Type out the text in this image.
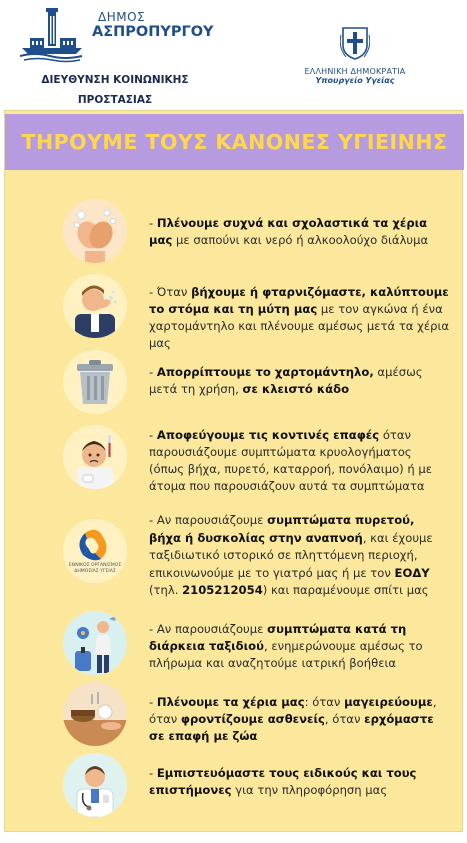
ΔΗΜΟΣ
ΑΣΠΡΟΠΥΡΓΟΥ
ΔΙΕΥΘΥΝΣΗ ΚΟΙΝΩΝΙΚΗΣ ΠΡΟΣΤΑΣΙΑΣ
ΕΛΛΗΝΙΚΗ ΔΗΜΟΚΡΑΤΙΑ
Υπουργείο Υγείας
ΤΗΡΟΥΜΕ ΤΟΥΣ ΚΑΝΟΝΕΣ ΥΓΙΕΙΝΗΣ
- Πλένουμε συχνά και σχολαστικά τα χέρια μας με σαπούνι και νερό ή αλκοολούχο διάλυμα
- Όταν βήχουμε ή φταρνιζόμαστε, καλύπτουμε το στόμα και τη μύτη μας με τον αγκώνα ή ένα χαρτομάντηλο και πλένουμε αμέσως μετά τα χέρια μας
- Απορρίπτουμε το χαρτομάντηλο, αμέσως μετά τη χρήση, σε κλειστό κάδο
- Αποφεύγουμε τις κοντινές επαφές όταν παρουσιάζουμε συμπτώματα κρυολογήματος (όπως βήχα, πυρετό, καταρροή, πονόλαιμο) ή με άτομα που παρουσιάζουν αυτά τα συμπτώματα
ΕΘΝΙΚΟΣ ΟΡΓΑΝΙΣΜΟΣ ΔΗΜΟΣΙΑΣ ΥΓΕΙΑΣ
- Αν παρουσιάζουμε συμπτώματα πυρετού, βήχα ή δυσκολίας στην αναπνοή, και έχουμε ταξιδιωτικό ιστορικό σε πληττόμενη περιοχή, επικοινωνούμε με το γιατρό μας ή με τον ΕΟΔΥ (τηλ. 2105212054) και παραμένουμε σπίτι μας
- Αν παρουσιάζουμε συμπτώματα κατά τη διάρκεια ταξιδιού, ενημερώνουμε αμέσως το πλήρωμα και αναζητούμε ιατρική βοήθεια
- Πλένουμε τα χέρια μας: όταν μαγειρεύουμε, όταν φροντίζουμε ασθενείς, όταν ερχόμαστε σε επαφή με ζώα
- Εμπιστευόμαστε τους ειδικούς και τους επιστήμονες για την πληροφόρηση μας
